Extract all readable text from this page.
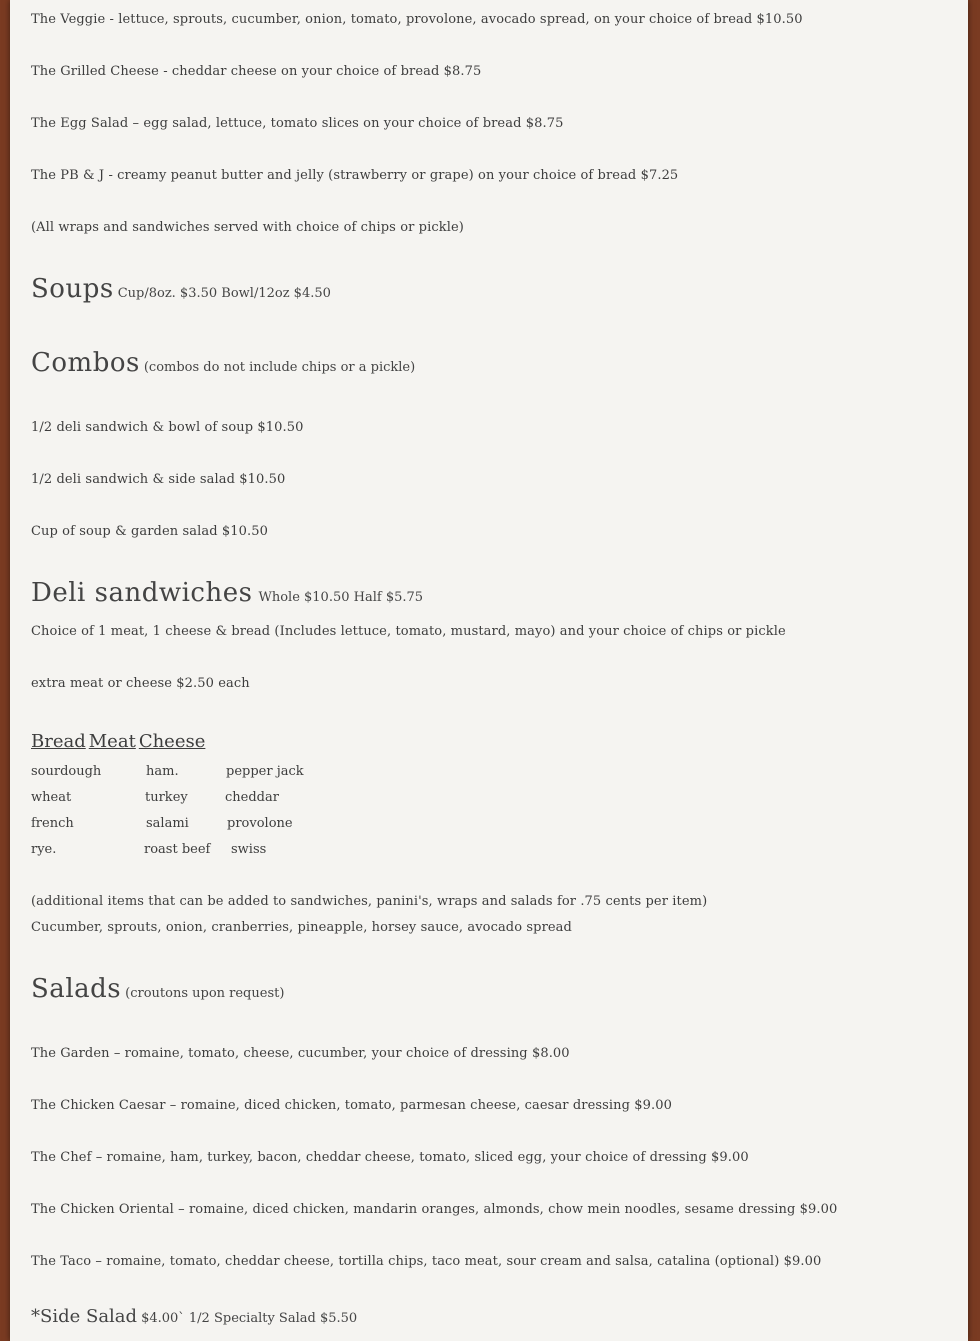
The Veggie - lettuce, sprouts, cucumber, onion, tomato, provolone, avocado spread, on your choice of bread $10.50
The Grilled Cheese - cheddar cheese on your choice of bread $8.75
The Egg Salad – egg salad, lettuce, tomato slices on your choice of bread $8.75
The PB & J - creamy peanut butter and jelly (strawberry or grape) on your choice of bread $7.25
(All wraps and sandwiches served with choice of chips or pickle)
Soups Cup/8oz. $3.50 Bowl/12oz $4.50
Combos (combos do not include chips or a pickle)
1/2 deli sandwich & bowl of soup $10.50
1/2 deli sandwich & side salad $10.50
Cup of soup & garden salad $10.50
Deli sandwiches Whole $10.50 Half $5.75
Choice of 1 meat, 1 cheese & bread (Includes lettuce, tomato, mustard, mayo) and your choice of chips or pickle
extra meat or cheese $2.50 each
Bread Meat Cheese
sourdough
wheat
french
rye.
ham.
turkey
salami
roast beef
pepper jack
cheddar
provolone
swiss
(additional items that can be added to sandwiches, panini's, wraps and salads for .75 cents per item)
Cucumber, sprouts, onion, cranberries, pineapple, horsey sauce, avocado spread
Salads (croutons upon request)
The Garden – romaine, tomato, cheese, cucumber, your choice of dressing $8.00
The Chicken Caesar – romaine, diced chicken, tomato, parmesan cheese, caesar dressing $9.00
The Chef – romaine, ham, turkey, bacon, cheddar cheese, tomato, sliced egg, your choice of dressing $9.00
The Chicken Oriental – romaine, diced chicken, mandarin oranges, almonds, chow mein noodles, sesame dressing $9.00
The Taco – romaine, tomato, cheddar cheese, tortilla chips, taco meat, sour cream and salsa, catalina (optional) $9.00
*Side Salad $4.00` 1/2 Specialty Salad $5.50
